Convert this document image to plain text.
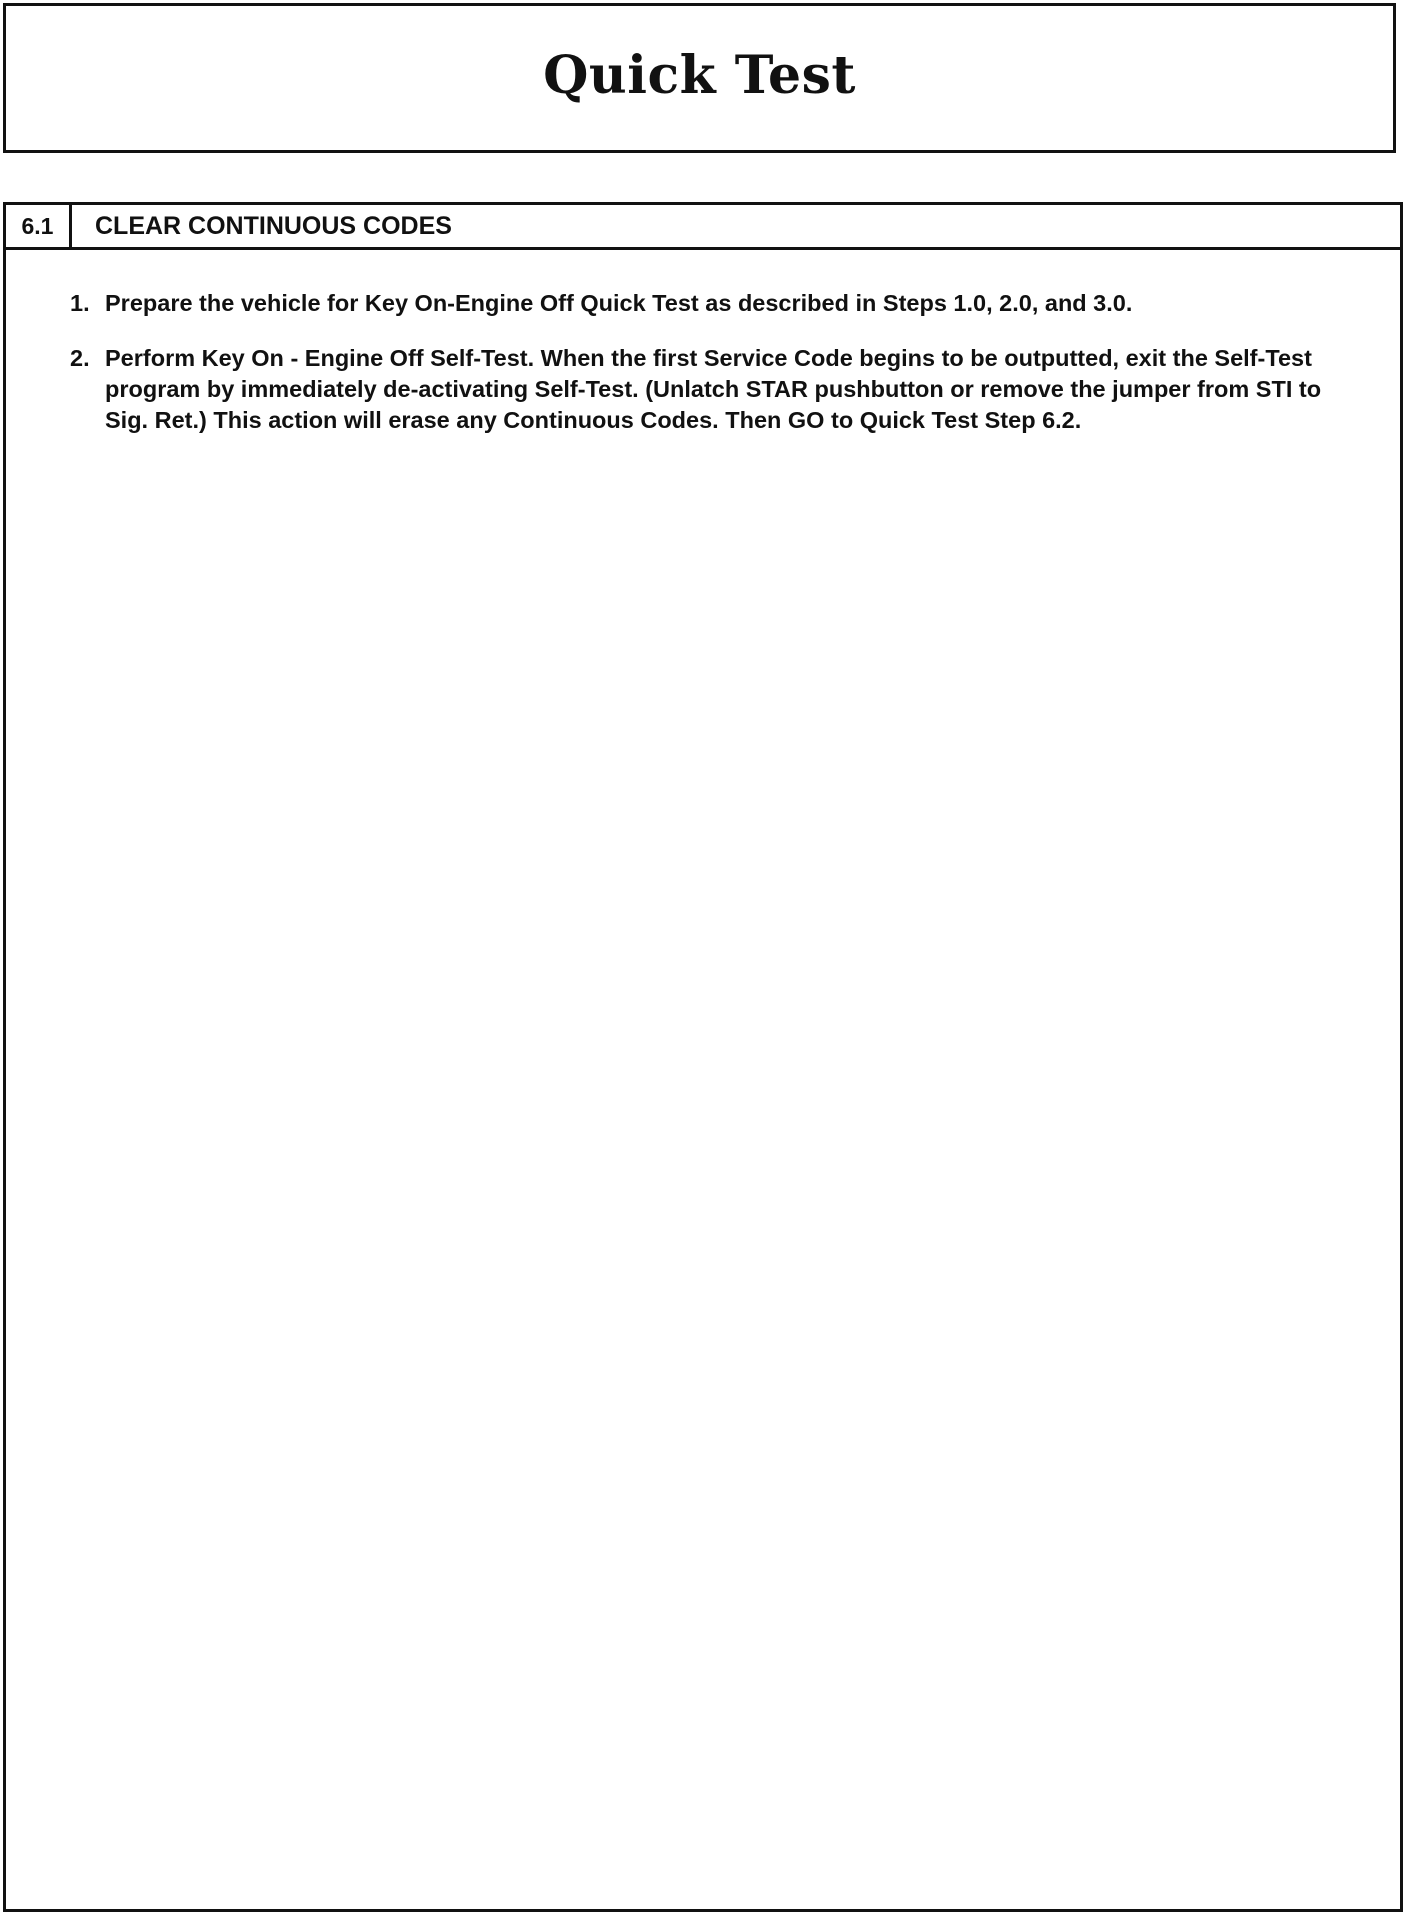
Quick Test
6.1	CLEAR CONTINUOUS CODES
1. Prepare the vehicle for Key On-Engine Off Quick Test as described in Steps 1.0, 2.0, and 3.0.
2. Perform Key On - Engine Off Self-Test. When the first Service Code begins to be outputted, exit the Self-Test program by immediately de-activating Self-Test. (Unlatch STAR pushbutton or remove the jumper from STI to Sig. Ret.) This action will erase any Continuous Codes. Then GO to Quick Test Step 6.2.
